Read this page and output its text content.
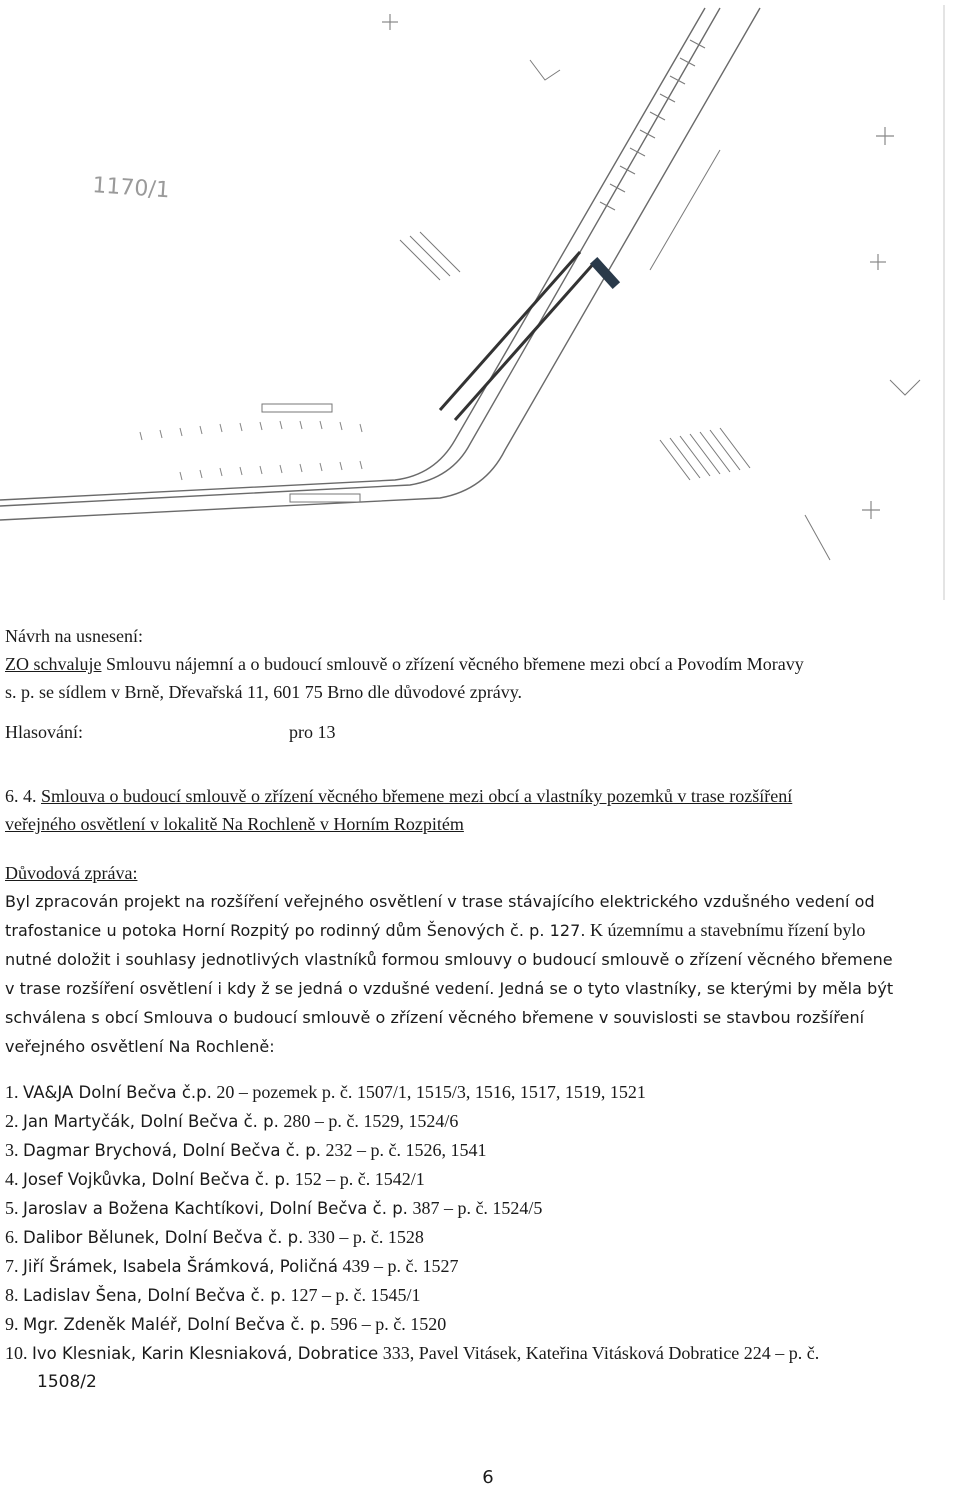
1170/1
Návrh na usnesení:
ZO schvaluje Smlouvu nájemní a o budoucí smlouvě o zřízení věcného břemene mezi obcí a Povodím Moravy
s. p. se sídlem v Brně, Dřevařská 11, 601 75 Brno dle důvodové zprávy.
Hlasování:	pro 13
6. 4. Smlouva o budoucí smlouvě o zřízení věcného břemene mezi obcí a vlastníky pozemků v trase rozšíření
veřejného osvětlení v lokalitě Na Rochleně v Horním Rozpitém
Důvodová zpráva:
Byl zpracován projekt na rozšíření veřejného osvětlení v trase stávajícího elektrického vzdušného vedení od
trafostanice u potoka Horní Rozpitý po rodinný dům Šenových č. p. 127. K územnímu a stavebnímu řízení bylo
nutné doložit i souhlasy jednotlivých vlastníků formou smlouvy o budoucí smlouvě o zřízení věcného břemene
v trase rozšíření osvětlení i kdy ž se jedná o vzdušné vedení. Jedná se o tyto vlastníky, se kterými by měla být
schválena s obcí Smlouva o budoucí smlouvě o zřízení věcného břemene v souvislosti se stavbou rozšíření
veřejného osvětlení Na Rochleně:
1. VA&JA Dolní Bečva č.p. 20 – pozemek p. č. 1507/1, 1515/3, 1516, 1517, 1519, 1521
2. Jan Martyčák, Dolní Bečva č. p. 280 – p. č. 1529, 1524/6
3. Dagmar Brychová, Dolní Bečva č. p. 232 – p. č. 1526, 1541
4. Josef Vojkůvka, Dolní Bečva č. p. 152 – p. č. 1542/1
5. Jaroslav a Božena Kachtíkovi, Dolní Bečva č. p. 387 – p. č. 1524/5
6. Dalibor Bělunek, Dolní Bečva č. p. 330 – p. č. 1528
7. Jiří Šrámek, Isabela Šrámková, Poličná 439 – p. č. 1527
8. Ladislav Šena, Dolní Bečva č. p. 127 – p. č. 1545/1
9. Mgr. Zdeněk Maléř, Dolní Bečva č. p. 596 – p. č. 1520
10. Ivo Klesniak, Karin Klesniaková, Dobratice 333, Pavel Vitásek, Kateřina Vitásková Dobratice 224 – p. č.
1508/2
6
